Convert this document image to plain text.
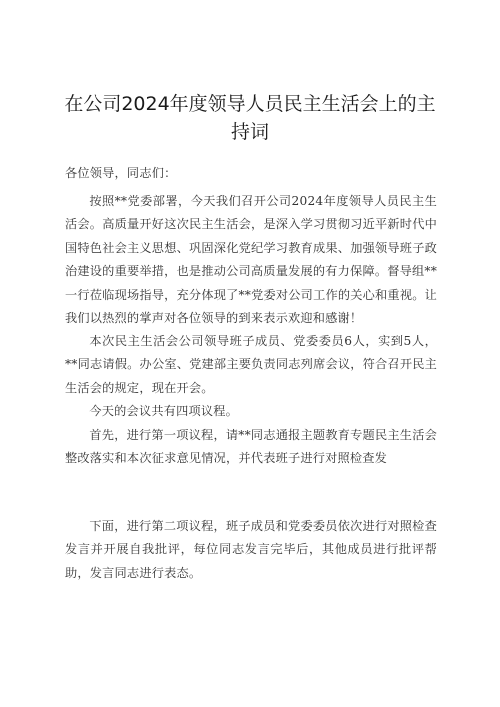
在公司2024年度领导人员民主生活会上的主持词

各位领导，同志们：

按照**党委部署，今天我们召开公司2024年度领导人员民主生活会。高质量开好这次民主生活会，是深入学习贯彻习近平新时代中国特色社会主义思想、巩固深化党纪学习教育成果、加强领导班子政治建设的重要举措，也是推动公司高质量发展的有力保障。督导组**一行莅临现场指导，充分体现了**党委对公司工作的关心和重视。让我们以热烈的掌声对各位领导的到来表示欢迎和感谢！

本次民主生活会公司领导班子成员、党委委员6人，实到5人，**同志请假。办公室、党建部主要负责同志列席会议，符合召开民主生活会的规定，现在开会。

今天的会议共有四项议程。

首先，进行第一项议程，请**同志通报主题教育专题民主生活会整改落实和本次征求意见情况，并代表班子进行对照检查发

下面，进行第二项议程，班子成员和党委委员依次进行对照检查发言并开展自我批评，每位同志发言完毕后，其他成员进行批评帮助，发言同志进行表态。
